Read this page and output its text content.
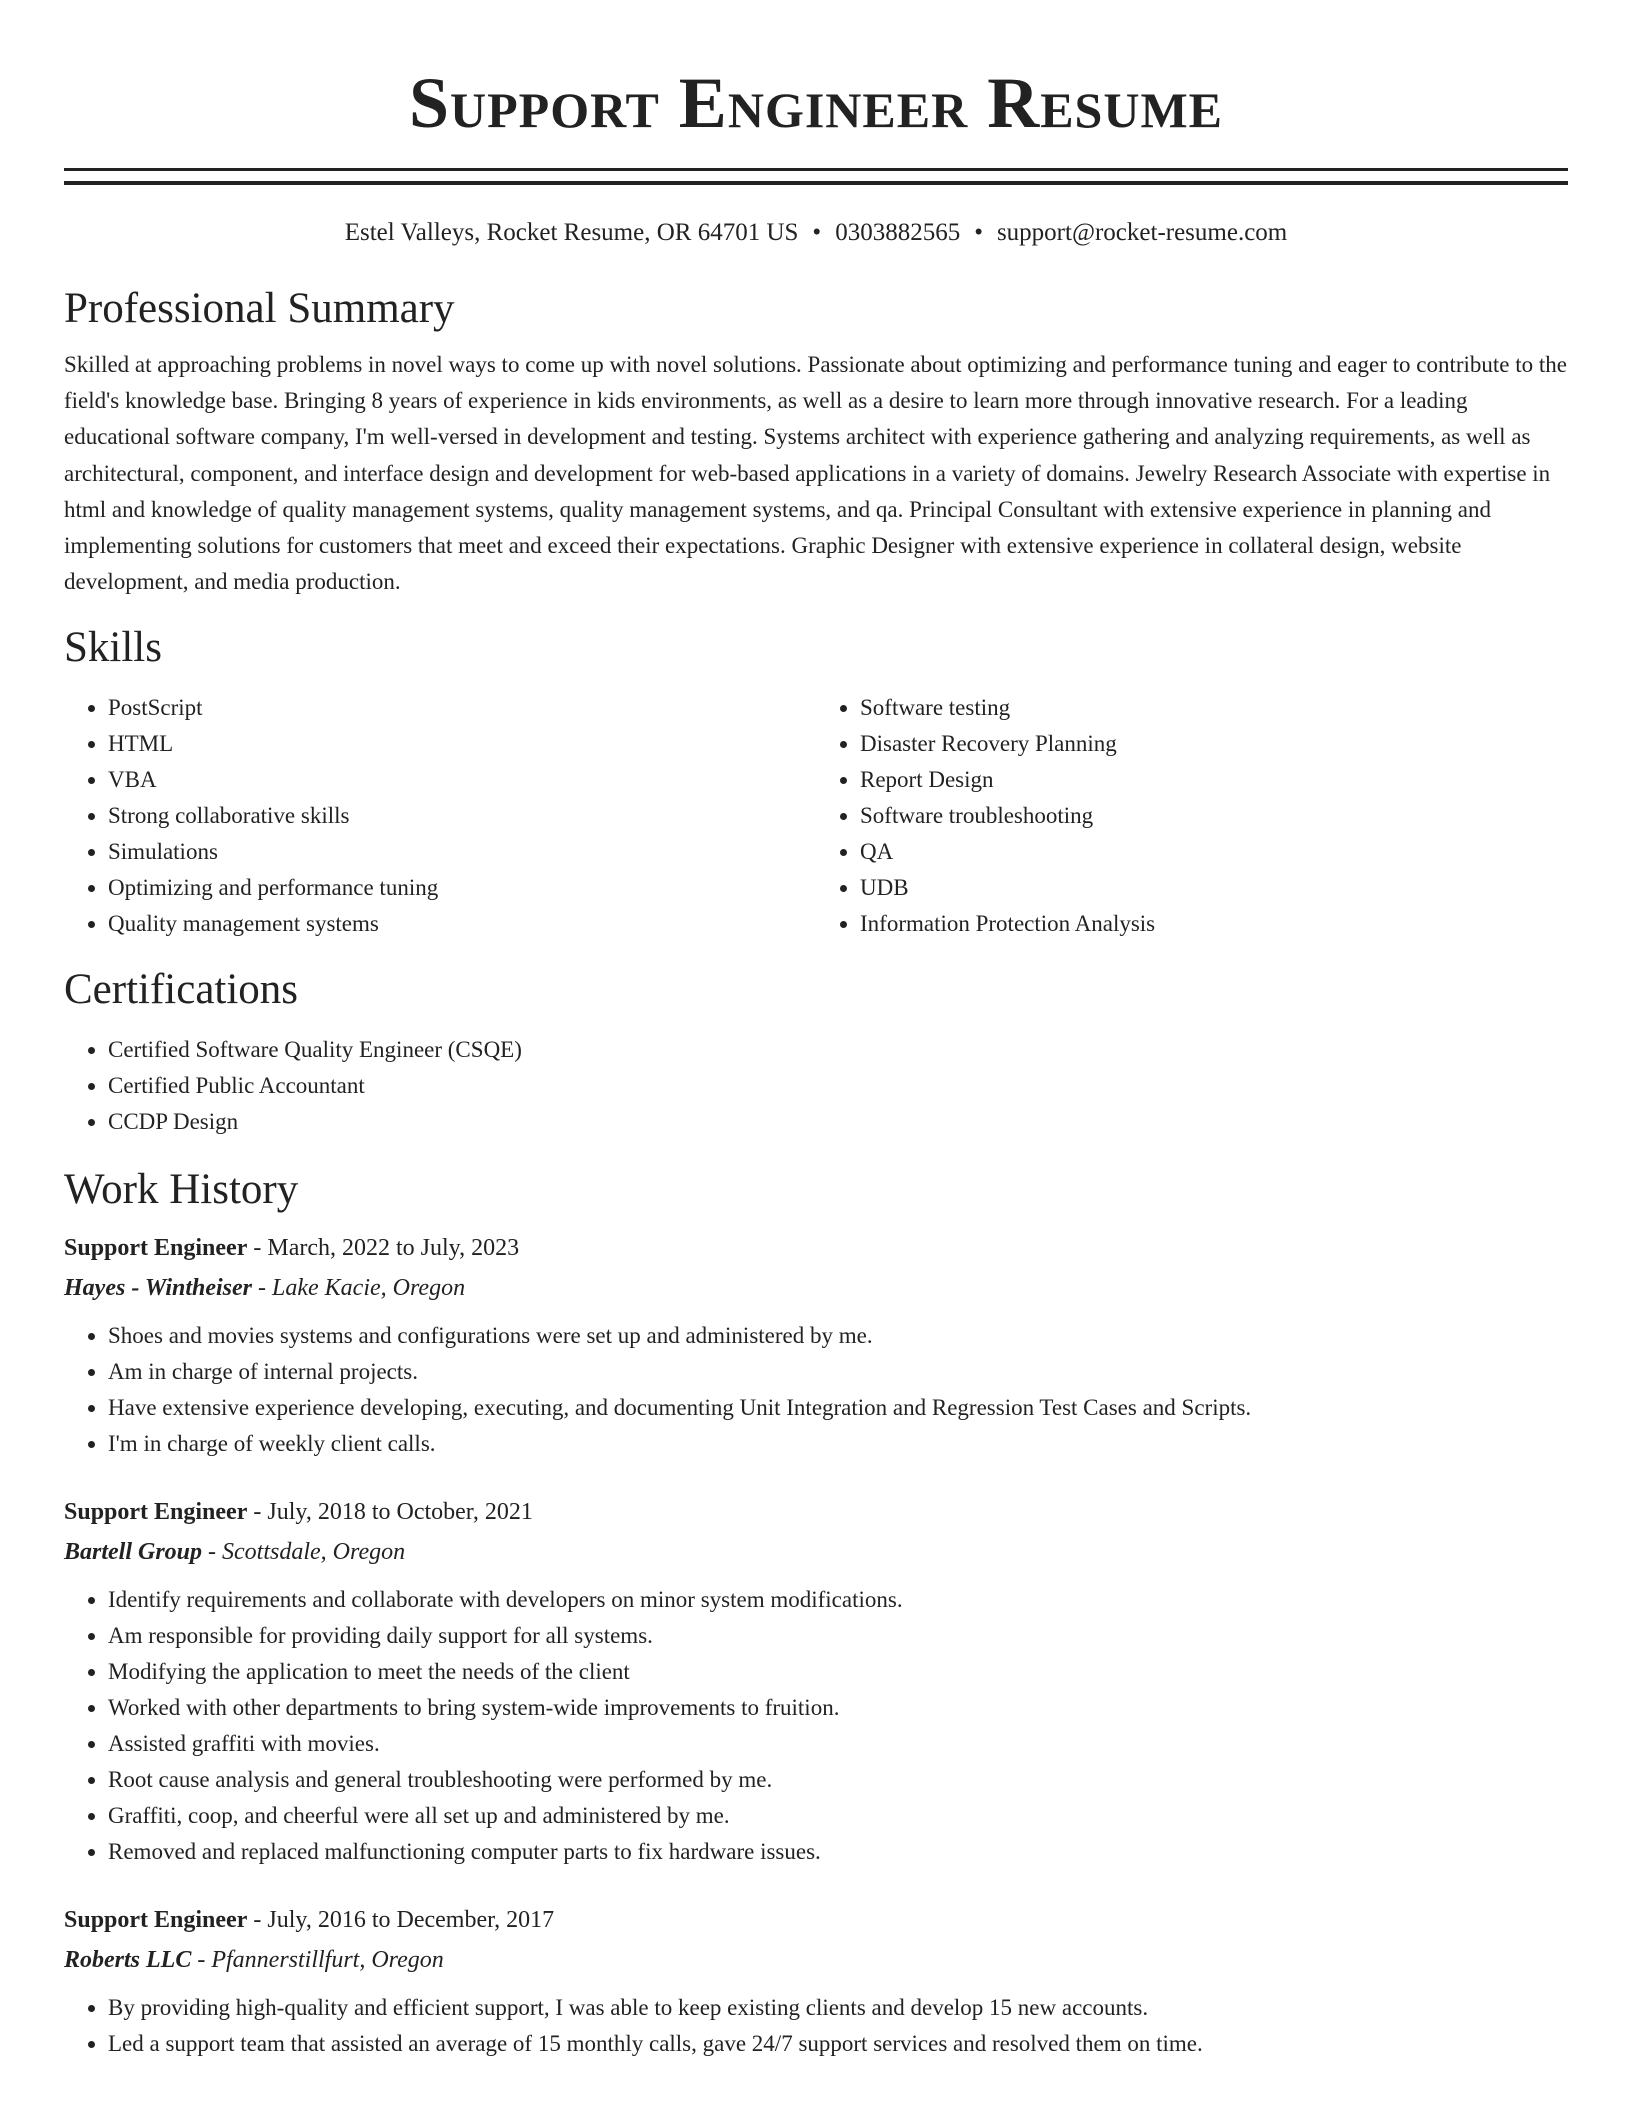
Support Engineer Resume
Estel Valleys, Rocket Resume, OR 64701 US • 0303882565 • support@rocket-resume.com
Professional Summary

Skilled at approaching problems in novel ways to come up with novel solutions. Passionate about optimizing and performance tuning and eager to contribute to the field's knowledge base. Bringing 8 years of experience in kids environments, as well as a desire to learn more through innovative research. For a leading educational software company, I'm well-versed in development and testing. Systems architect with experience gathering and analyzing requirements, as well as architectural, component, and interface design and development for web-based applications in a variety of domains. Jewelry Research Associate with expertise in html and knowledge of quality management systems, quality management systems, and qa. Principal Consultant with extensive experience in planning and implementing solutions for customers that meet and exceed their expectations. Graphic Designer with extensive experience in collateral design, website development, and media production.

Skills
• PostScript
• HTML
• VBA
• Strong collaborative skills
• Simulations
• Optimizing and performance tuning
• Quality management systems
• Software testing
• Disaster Recovery Planning
• Report Design
• Software troubleshooting
• QA
• UDB
• Information Protection Analysis
Certifications
• Certified Software Quality Engineer (CSQE)
• Certified Public Accountant
• CCDP Design
Work History
Support Engineer - March, 2022 to July, 2023
Hayes - Wintheiser - Lake Kacie, Oregon
• Shoes and movies systems and configurations were set up and administered by me.
• Am in charge of internal projects.
• Have extensive experience developing, executing, and documenting Unit Integration and Regression Test Cases and Scripts.
• I'm in charge of weekly client calls.
Support Engineer - July, 2018 to October, 2021
Bartell Group - Scottsdale, Oregon
• Identify requirements and collaborate with developers on minor system modifications.
• Am responsible for providing daily support for all systems.
• Modifying the application to meet the needs of the client
• Worked with other departments to bring system-wide improvements to fruition.
• Assisted graffiti with movies.
• Root cause analysis and general troubleshooting were performed by me.
• Graffiti, coop, and cheerful were all set up and administered by me.
• Removed and replaced malfunctioning computer parts to fix hardware issues.
Support Engineer - July, 2016 to December, 2017
Roberts LLC - Pfannerstillfurt, Oregon
• By providing high-quality and efficient support, I was able to keep existing clients and develop 15 new accounts.
• Led a support team that assisted an average of 15 monthly calls, gave 24/7 support services and resolved them on time.
